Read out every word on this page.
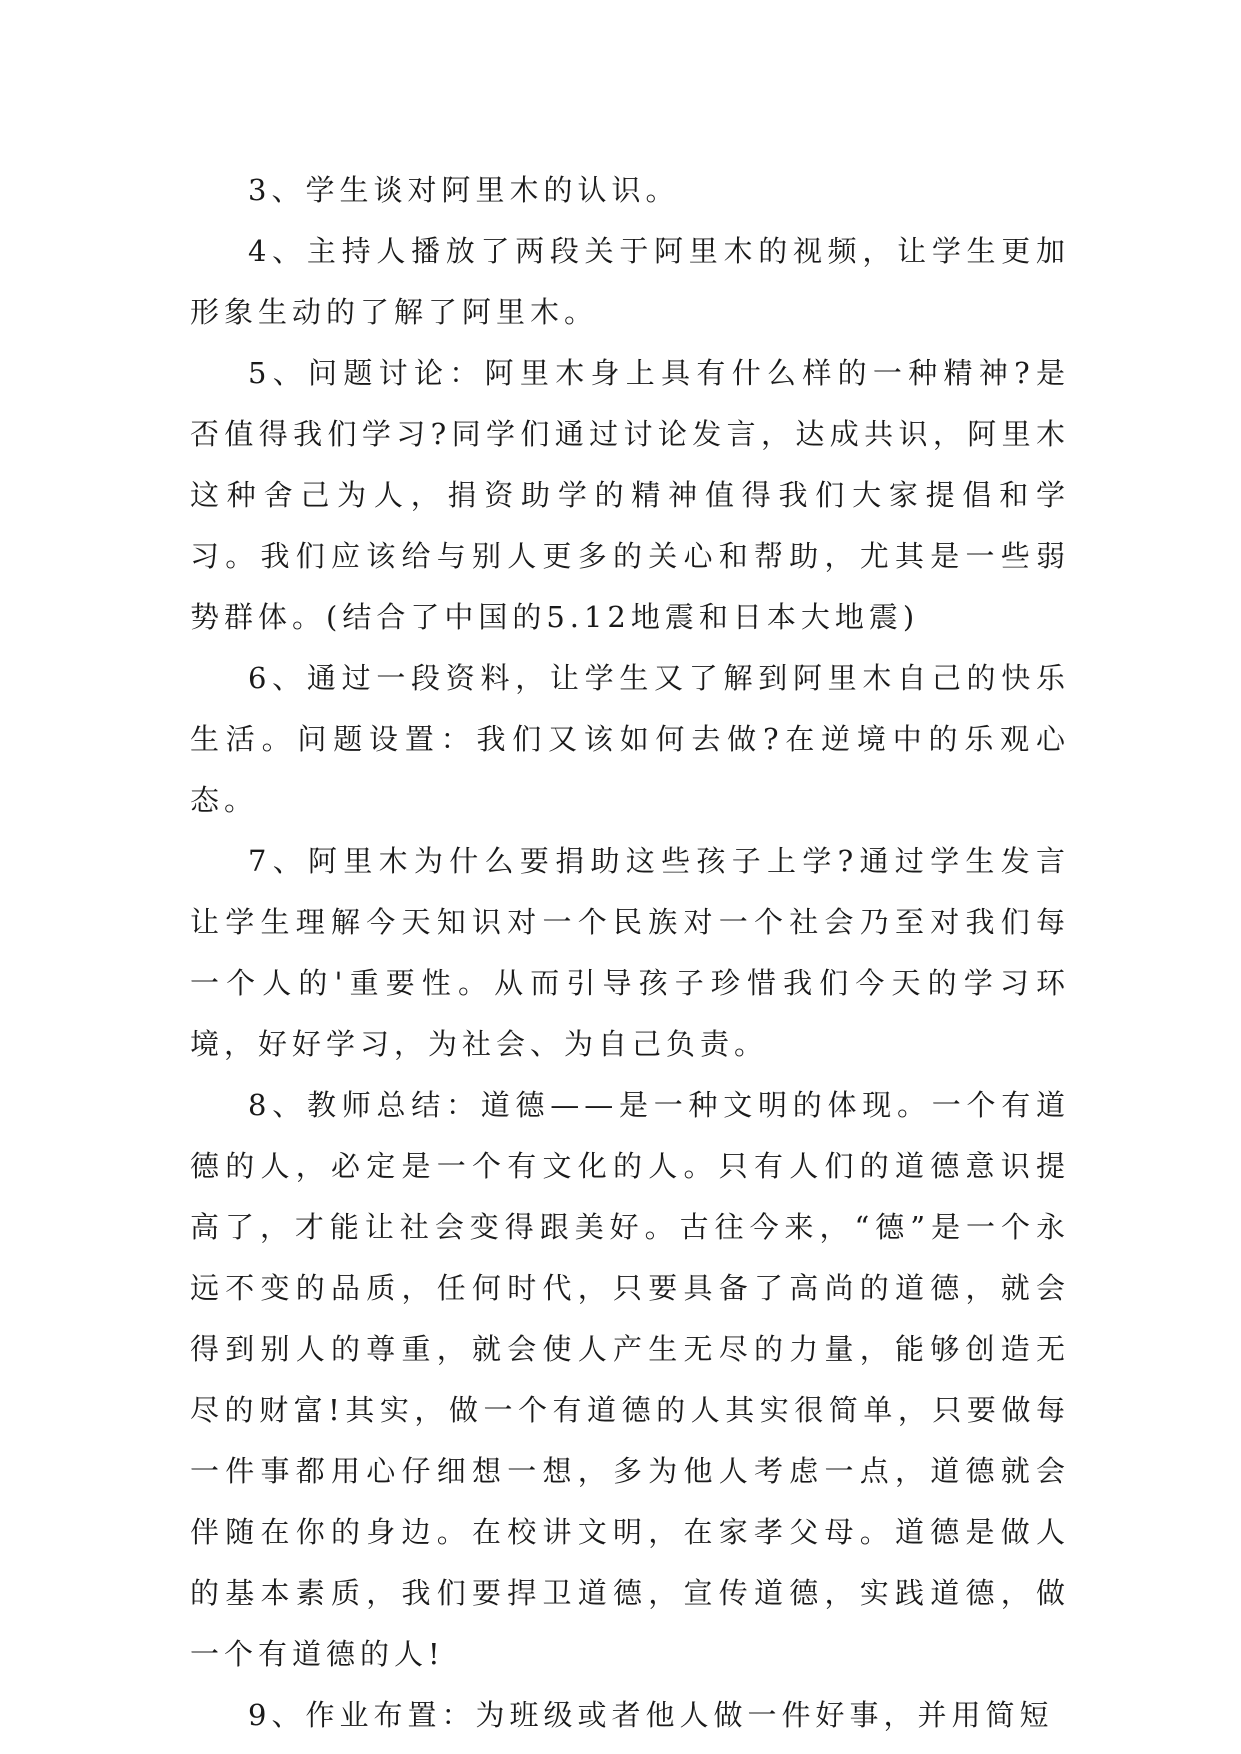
3、学生谈对阿里木的认识。

4、主持人播放了两段关于阿里木的视频，让学生更加形象生动的了解了阿里木。

5、问题讨论：阿里木身上具有什么样的一种精神?是否值得我们学习?同学们通过讨论发言，达成共识，阿里木这种舍己为人，捐资助学的精神值得我们大家提倡和学习。我们应该给与别人更多的关心和帮助，尤其是一些弱势群体。(结合了中国的5.12地震和日本大地震)

6、通过一段资料，让学生又了解到阿里木自己的快乐生活。问题设置：我们又该如何去做?在逆境中的乐观心态。

7、阿里木为什么要捐助这些孩子上学?通过学生发言让学生理解今天知识对一个民族对一个社会乃至对我们每一个人的'重要性。从而引导孩子珍惜我们今天的学习环境，好好学习，为社会、为自己负责。

8、教师总结：道德——是一种文明的体现。一个有道德的人，必定是一个有文化的人。只有人们的道德意识提高了，才能让社会变得跟美好。古往今来，“德”是一个永远不变的品质，任何时代，只要具备了高尚的道德，就会得到别人的尊重，就会使人产生无尽的力量，能够创造无尽的财富!其实，做一个有道德的人其实很简单，只要做每一件事都用心仔细想一想，多为他人考虑一点，道德就会伴随在你的身边。在校讲文明，在家孝父母。道德是做人的基本素质，我们要捍卫道德，宣传道德，实践道德，做一个有道德的人!

9、作业布置：为班级或者他人做一件好事，并用简短
